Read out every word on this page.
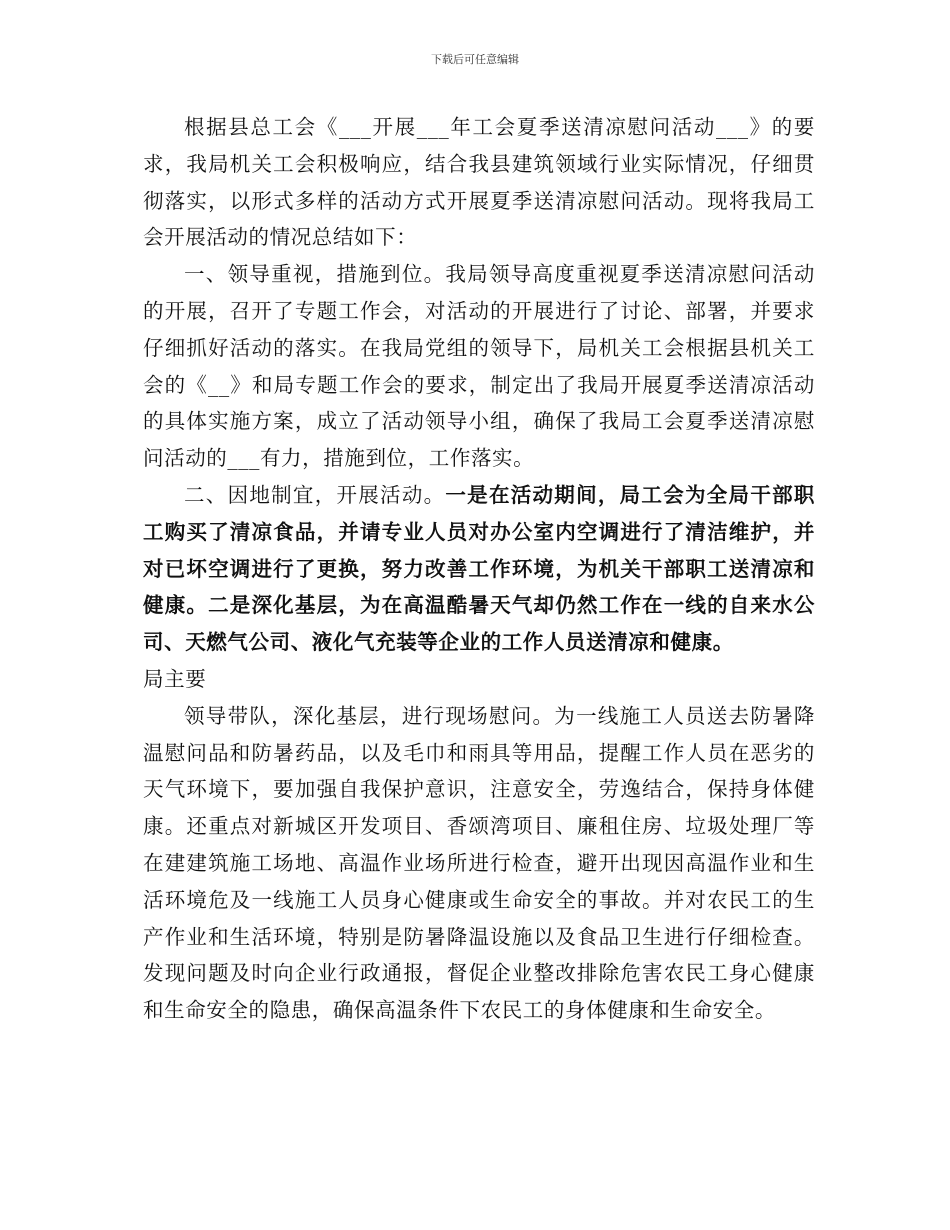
下载后可任意编辑

根据县总工会《___开展___年工会夏季送清凉慰问活动___》的要求，我局机关工会积极响应，结合我县建筑领域行业实际情况，仔细贯彻落实，以形式多样的活动方式开展夏季送清凉慰问活动。现将我局工会开展活动的情况总结如下：

一、领导重视，措施到位。我局领导高度重视夏季送清凉慰问活动的开展，召开了专题工作会，对活动的开展进行了讨论、部署，并要求仔细抓好活动的落实。在我局党组的领导下，局机关工会根据县机关工会的《__》和局专题工作会的要求，制定出了我局开展夏季送清凉活动的具体实施方案，成立了活动领导小组，确保了我局工会夏季送清凉慰问活动的___有力，措施到位，工作落实。

二、因地制宜，开展活动。一是在活动期间，局工会为全局干部职工购买了清凉食品，并请专业人员对办公室内空调进行了清洁维护，并对已坏空调进行了更换，努力改善工作环境，为机关干部职工送清凉和健康。二是深化基层，为在高温酷暑天气却仍然工作在一线的自来水公司、天燃气公司、液化气充装等企业的工作人员送清凉和健康。

局主要

领导带队，深化基层，进行现场慰问。为一线施工人员送去防暑降温慰问品和防暑药品，以及毛巾和雨具等用品，提醒工作人员在恶劣的天气环境下，要加强自我保护意识，注意安全，劳逸结合，保持身体健康。还重点对新城区开发项目、香颂湾项目、廉租住房、垃圾处理厂等在建建筑施工场地、高温作业场所进行检查，避开出现因高温作业和生活环境危及一线施工人员身心健康或生命安全的事故。并对农民工的生产作业和生活环境，特别是防暑降温设施以及食品卫生进行仔细检查。发现问题及时向企业行政通报，督促企业整改排除危害农民工身心健康和生命安全的隐患，确保高温条件下农民工的身体健康和生命安全。
